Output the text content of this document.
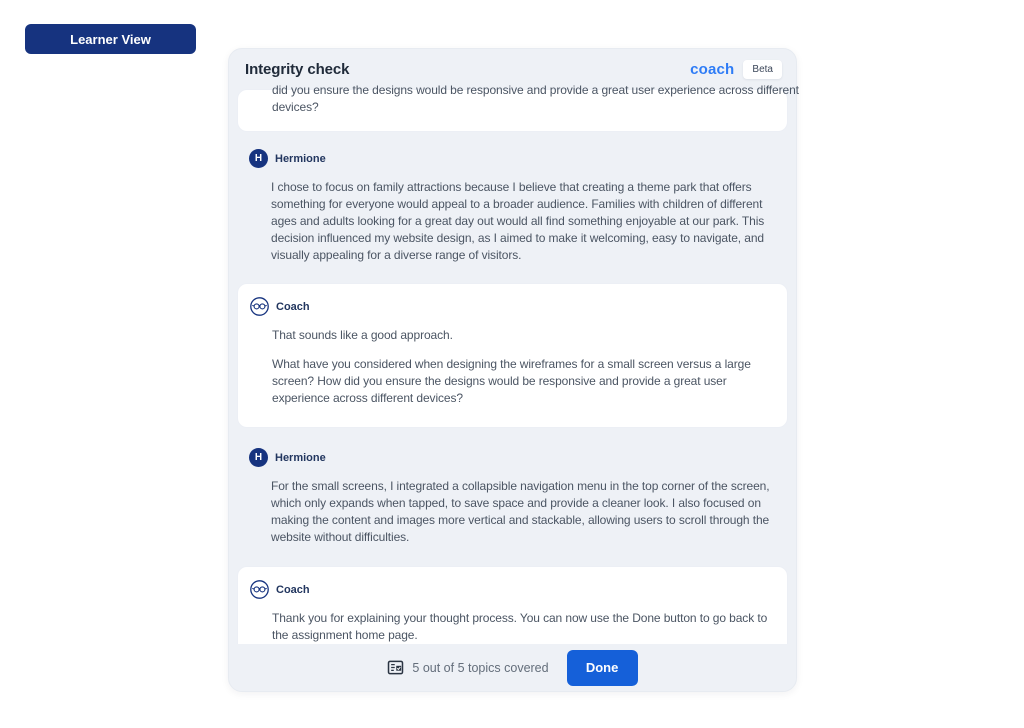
Learner View
Integrity check	coach	Beta
did you ensure the designs would be responsive and provide a great user experience across different

devices?

H	Hermione

I chose to focus on family attractions because I believe that creating a theme park that offers something for everyone would appeal to a broader audience. Families with children of different ages and adults looking for a great day out would all find something enjoyable at our park. This decision influenced my website design, as I aimed to make it welcoming, easy to navigate, and visually appealing for a diverse range of visitors.

Coach

That sounds like a good approach.

What have you considered when designing the wireframes for a small screen versus a large screen? How did you ensure the designs would be responsive and provide a great user experience across different devices?

H	Hermione

For the small screens, I integrated a collapsible navigation menu in the top corner of the screen, which only expands when tapped, to save space and provide a cleaner look. I also focused on making the content and images more vertical and stackable, allowing users to scroll through the website without difficulties.

Coach

Thank you for explaining your thought process. You can now use the Done button to go back to the assignment home page.

5 out of 5 topics covered	Done
